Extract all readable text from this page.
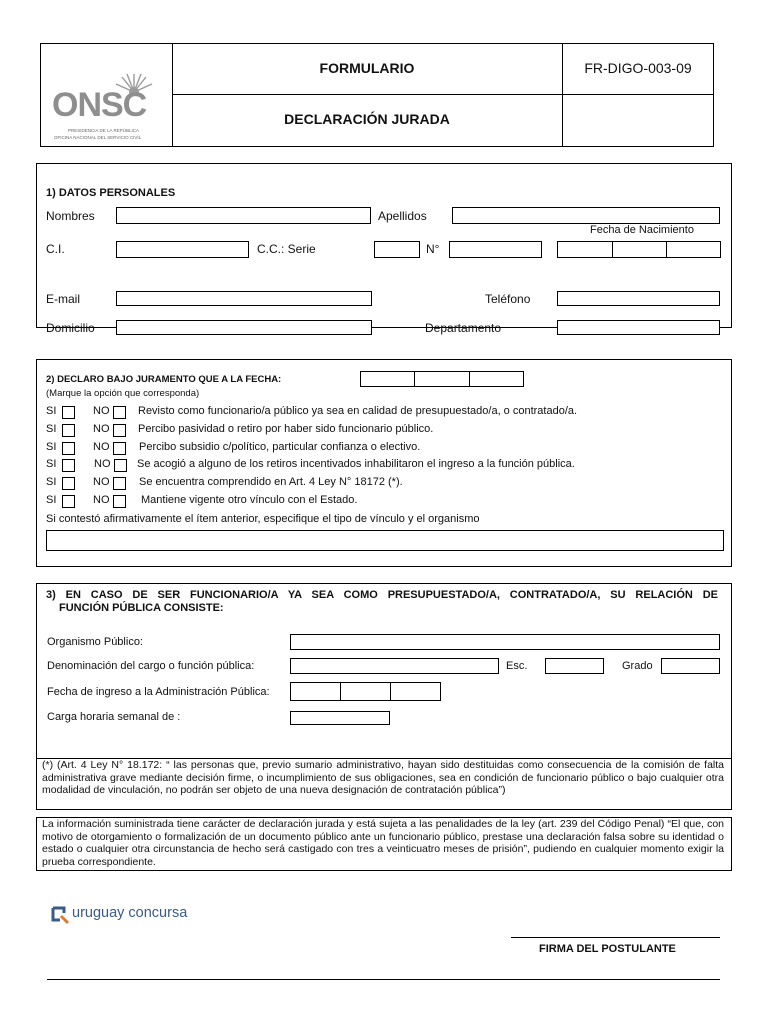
ONSC
PRESIDENCIA DE LA REPÚBLICA
OFICINA NACIONAL DEL SERVICIO CIVIL
FORMULARIO	FR-DIGO-003-09
DECLARACIÓN JURADA
1) DATOS PERSONALES
Nombres	Apellidos
Fecha de Nacimiento
C.I.	C.C.: Serie	N°
E-mail	Teléfono
Domicilio	Departamento
2) DECLARO BAJO JURAMENTO QUE A LA FECHA:
(Marque la opción que corresponda)
SI	NO	Revisto como funcionario/a público ya sea en calidad de presupuestado/a, o contratado/a.
SI	NO	Percibo pasividad o retiro por haber sido funcionario público.
SI	NO	Percibo subsidio c/político, particular confianza o electivo.
SI	NO Se acogió a alguno de los retiros incentivados inhabilitaron el ingreso a la función pública.
SI	NO	Se encuentra comprendido en Art. 4 Ley N° 18172 (*).
SI	NO	Mantiene vigente otro vínculo con el Estado.
Si contestó afirmativamente el ítem anterior, especifique el tipo de vínculo y el organismo
3) EN CASO DE SER FUNCIONARIO/A YA SEA COMO PRESUPUESTADO/A, CONTRATADO/A, SU RELACIÓN DE
FUNCIÓN PÚBLICA CONSISTE:
Organismo Público:
Denominación del cargo o función pública:	Esc.	Grado
Fecha de ingreso a la Administración Pública:
Carga horaria semanal de :
(*) (Art. 4 Ley N° 18.172: “ las personas que, previo sumario administrativo, hayan sido destituidas como consecuencia de la comisión de falta administrativa grave mediante decisión firme, o incumplimiento de sus obligaciones, sea en condición de funcionario público o bajo cualquier otra modalidad de vinculación, no podrán ser objeto de una nueva designación de contratación pública”)
La información suministrada tiene carácter de declaración jurada y está sujeta a las penalidades de la ley (art. 239 del Código Penal) “El que, con motivo de otorgamiento o formalización de un documento público ante un funcionario público, prestase una declaración falsa sobre su identidad o estado o cualquier otra circunstancia de hecho será castigado con tres a veinticuatro meses de prisión”, pudiendo en cualquier momento exigir la prueba correspondiente.
uruguay concursa
FIRMA DEL POSTULANTE
